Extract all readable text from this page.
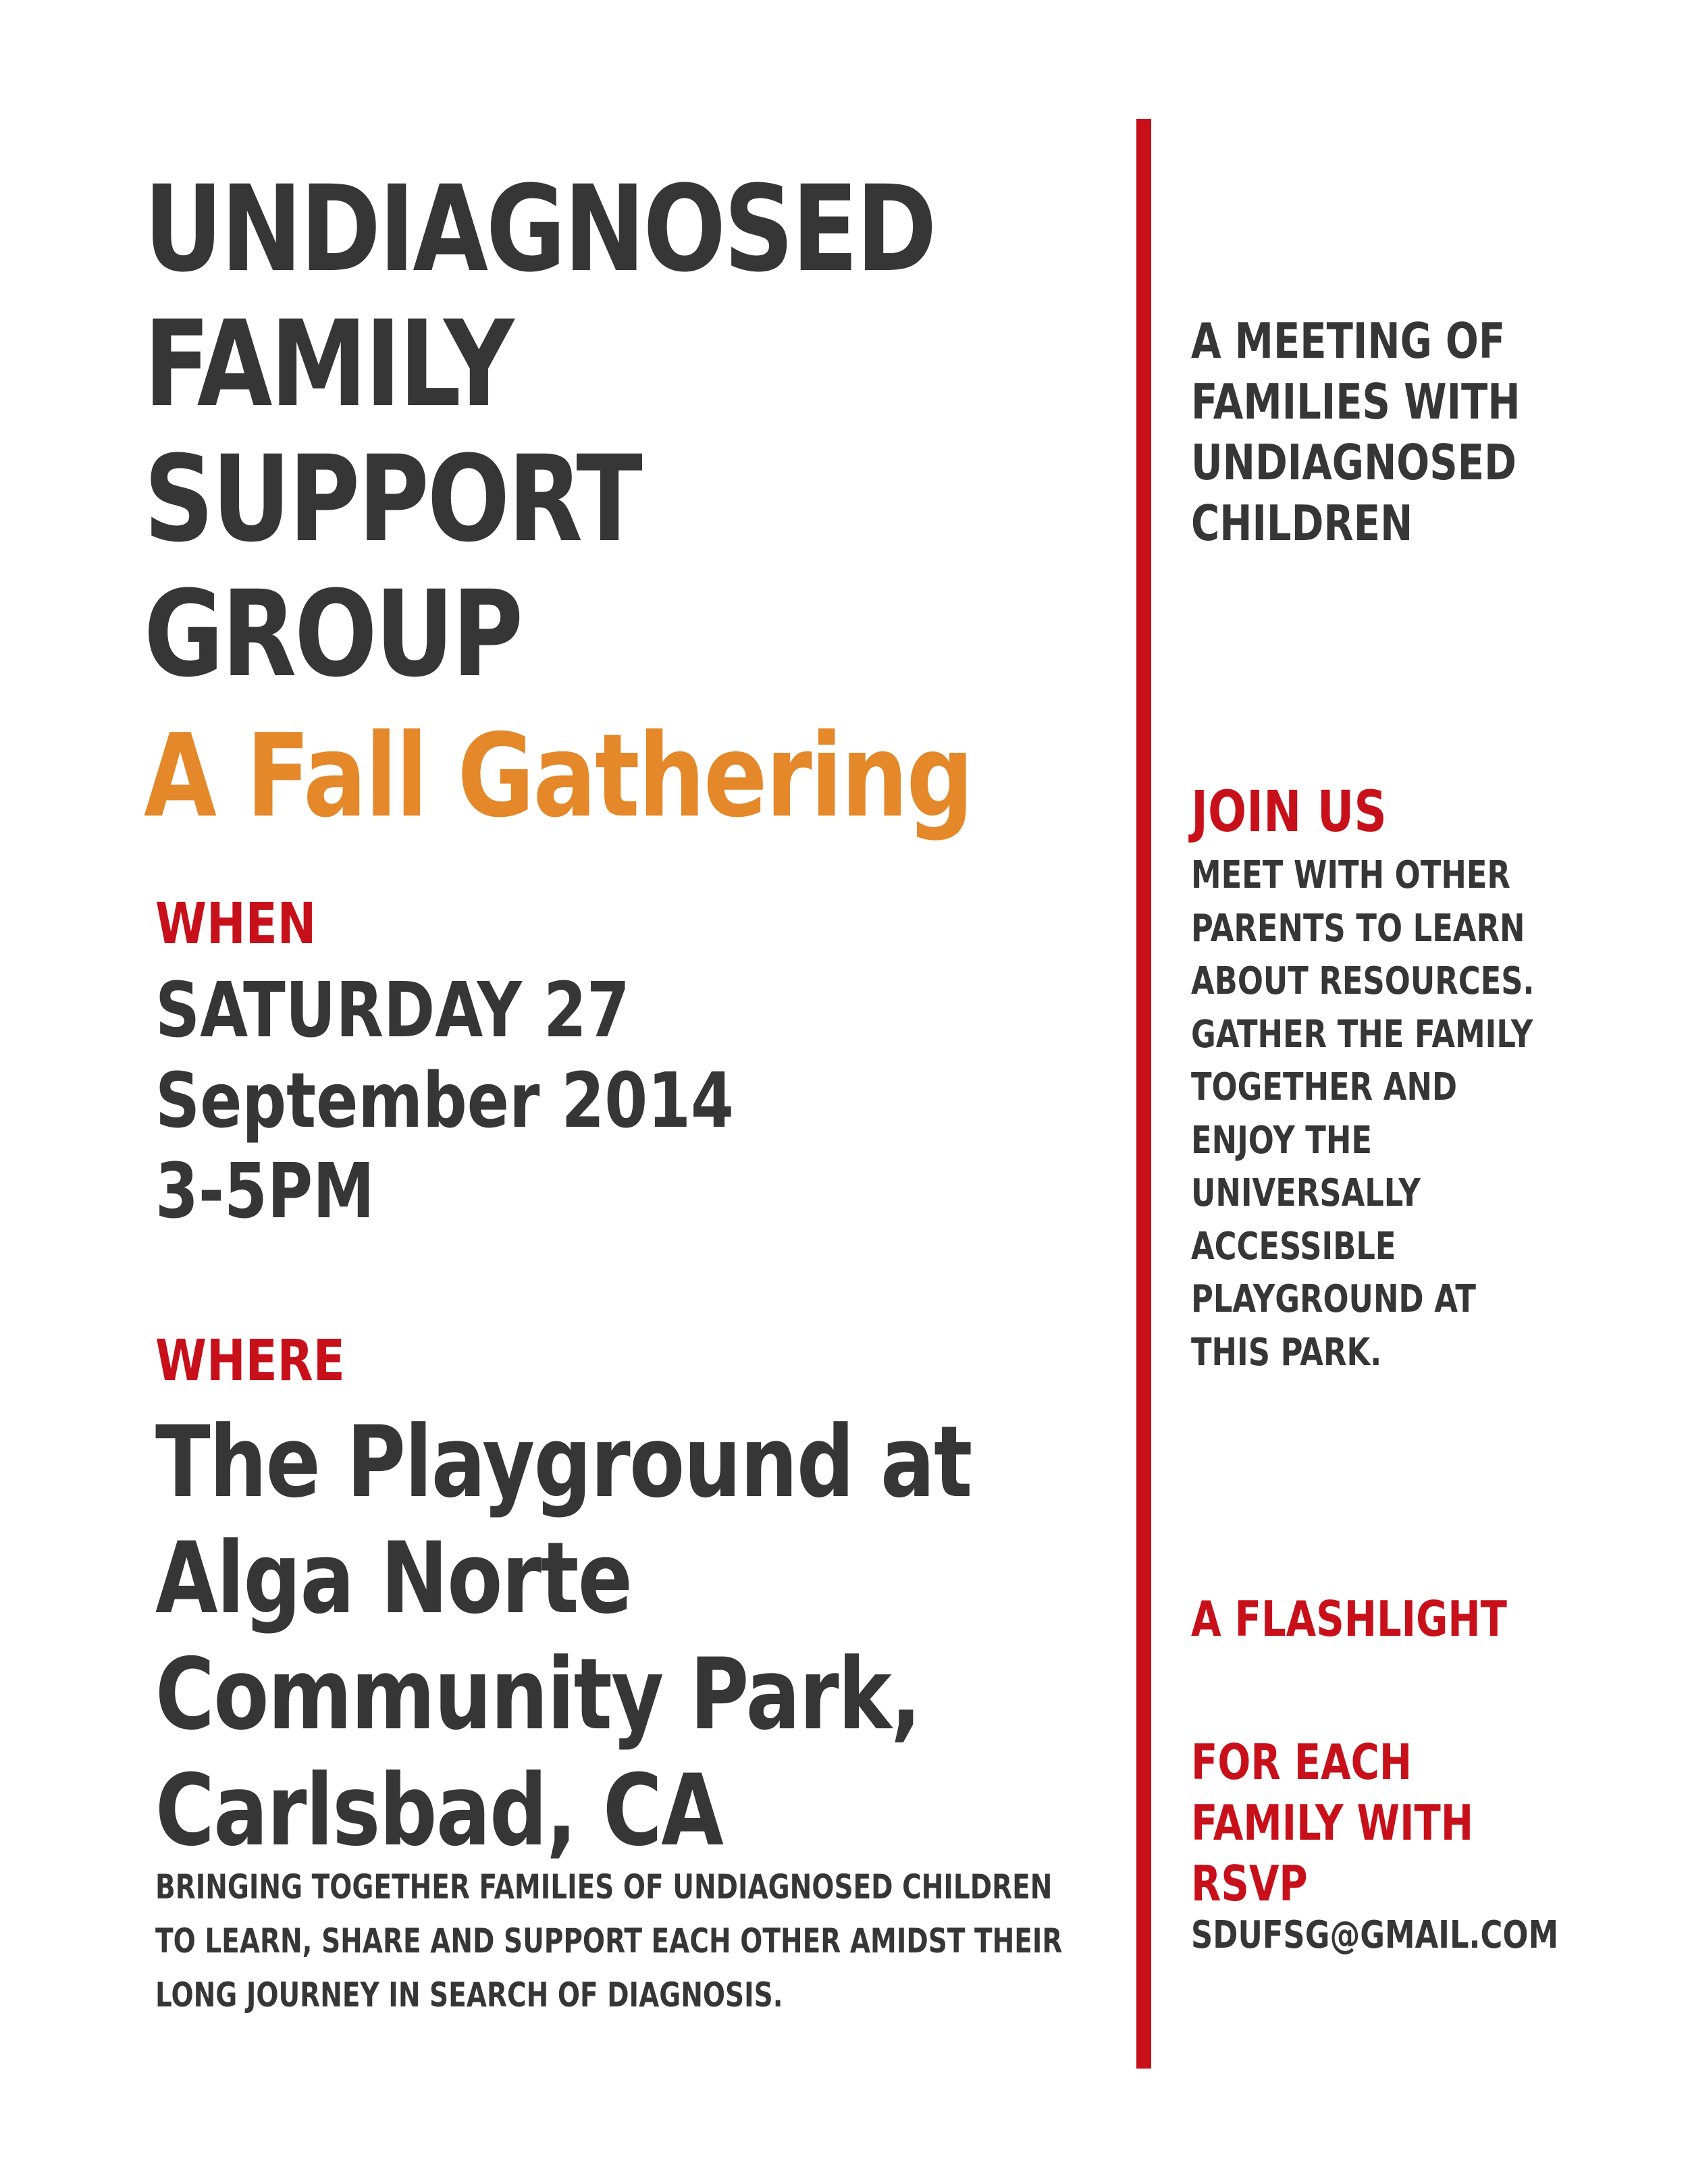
UNDIAGNOSED
FAMILY
SUPPORT
GROUP
A Fall Gathering
WHEN
SATURDAY 27
September 2014
3-5PM
WHERE
The Playground at
Alga Norte
Community Park,
Carlsbad, CA
BRINGING TOGETHER FAMILIES OF UNDIAGNOSED CHILDREN
TO LEARN, SHARE AND SUPPORT EACH OTHER AMIDST THEIR
LONG JOURNEY IN SEARCH OF DIAGNOSIS.
A MEETING OF
FAMILIES WITH
UNDIAGNOSED
CHILDREN
JOIN US
MEET WITH OTHER
PARENTS TO LEARN
ABOUT RESOURCES.
GATHER THE FAMILY
TOGETHER AND
ENJOY THE
UNIVERSALLY
ACCESSIBLE
PLAYGROUND AT
THIS PARK.
A FLASHLIGHT
FOR EACH
FAMILY WITH
RSVP
SDUFSG@GMAIL.COM
